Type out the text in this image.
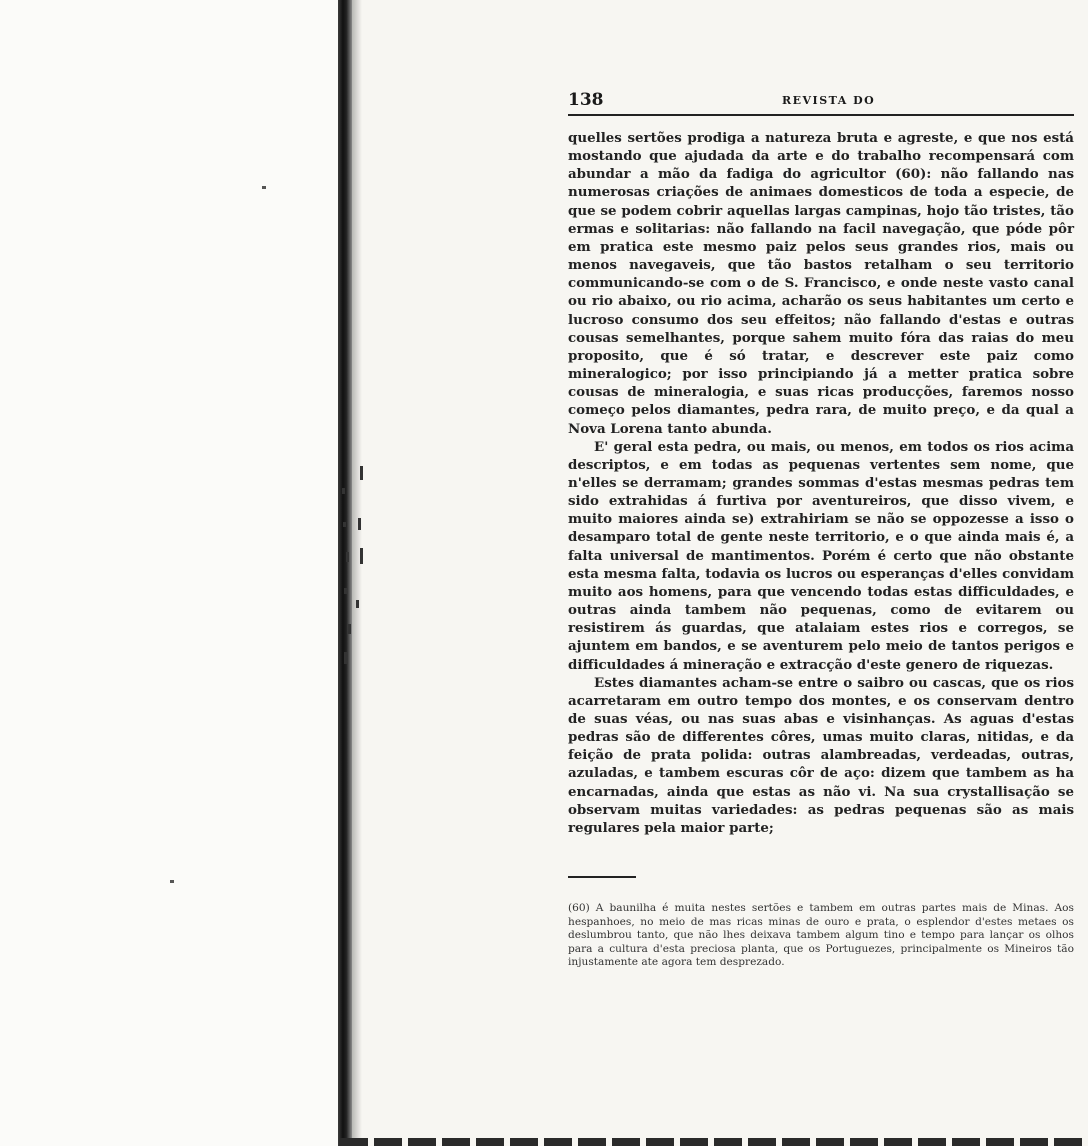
138	REVISTA DO

quelles sertões prodiga a natureza bruta e agreste, e que nos está mostando que ajudada da arte e do trabalho recompensará com abundar a mão da fadiga do agricultor (60): não fallando nas numerosas criações de animaes domesticos de toda a especie, de que se podem cobrir aquellas largas campinas, hojo tão tristes, tão ermas e solitarias: não fallando na facil navegação, que póde pôr em pratica este mesmo paiz pelos seus grandes rios, mais ou menos navegaveis, que tão bastos retalham o seu territorio communicando-se com o de S. Francisco, e onde neste vasto canal ou rio abaixo, ou rio acima, acharão os seus habitantes um certo e lucroso consumo dos seu effeitos; não fallando d'estas e outras cousas semelhantes, porque sahem muito fóra das raias do meu proposito, que é só tratar, e descrever este paiz como mineralogico; por isso principiando já a metter pratica sobre cousas de mineralogia, e suas ricas producções, faremos nosso começo pelos diamantes, pedra rara, de muito preço, e da qual a Nova Lorena tanto abunda.

E' geral esta pedra, ou mais, ou menos, em todos os rios acima descriptos, e em todas as pequenas vertentes sem nome, que n'elles se derramam; grandes sommas d'estas mesmas pedras tem sido extrahidas á furtiva por aventureiros, que disso vivem, e muito maiores ainda se) extrahiriam se não se oppozesse a isso o desamparo total de gente neste territorio, e o que ainda mais é, a falta universal de mantimentos. Porém é certo que não obstante esta mesma falta, todavia os lucros ou esperanças d'elles convidam muito aos homens, para que vencendo todas estas difficuldades, e outras ainda tambem não pequenas, como de evitarem ou resistirem ás guardas, que atalaiam estes rios e corregos, se ajuntem em bandos, e se aventurem pelo meio de tantos perigos e difficuldades á mineração e extracção d'este genero de riquezas.

Estes diamantes acham-se entre o saibro ou cascas, que os rios acarretaram em outro tempo dos montes, e os conservam dentro de suas véas, ou nas suas abas e visinhanças. As aguas d'estas pedras são de differentes côres, umas muito claras, nitidas, e da feição de prata polida: outras alambreadas, verdeadas, outras, azuladas, e tambem escuras côr de aço: dizem que tambem as ha encarnadas, ainda que estas as não vi. Na sua crystallisação se observam muitas variedades: as pedras pequenas são as mais regulares pela maior parte;

(60) A baunilha é muita nestes sertões e tambem em outras partes mais de Minas. Aos hespanhoes, no meio de mas ricas minas de ouro e prata, o esplendor d'estes metaes os deslumbrou tanto, que não lhes deixava tambem algum tino e tempo para lançar os olhos para a cultura d'esta preciosa planta, que os Portuguezes, principalmente os Mineiros tão injustamente ate agora tem desprezado.
